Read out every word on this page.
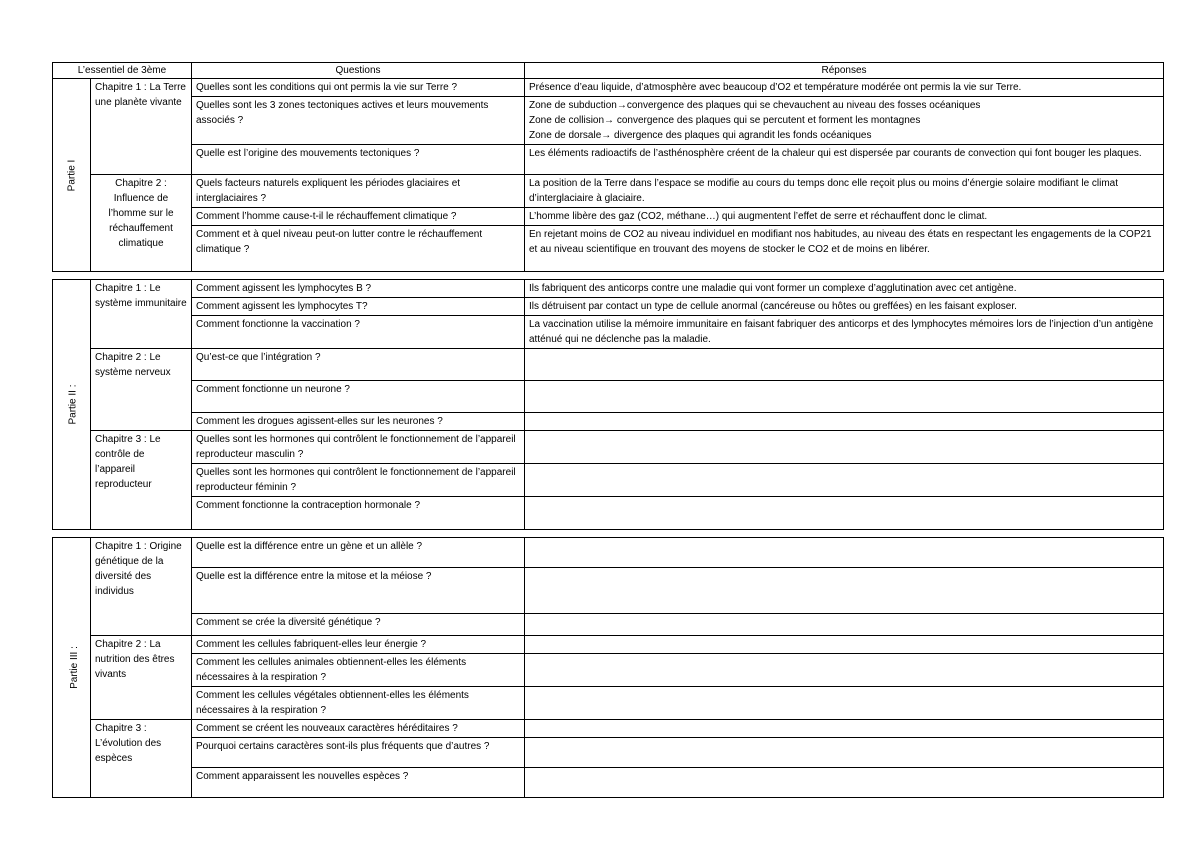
L’essentiel de 3ème		Questions	Réponses
Partie I	Chapitre 1 : La Terre une planète vivante	Quelles sont les conditions qui ont permis la vie sur Terre ?	Présence d’eau liquide, d’atmosphère avec beaucoup d’O2 et température modérée ont permis la vie sur Terre.
		Quelles sont les 3 zones tectoniques actives et leurs mouvements associés ?	Zone de subduction→convergence des plaques qui se chevauchent au niveau des fosses océaniques
Zone de collision→ convergence des plaques qui se percutent et forment les montagnes
Zone de dorsale→ divergence des plaques qui agrandit les fonds océaniques
		Quelle est l’origine des mouvements tectoniques ?	Les éléments radioactifs de l’asthénosphère créent de la chaleur qui est dispersée par courants de convection qui font bouger les plaques.
	Chapitre 2 : Influence de l’homme sur le réchauffement climatique	Quels facteurs naturels expliquent les périodes glaciaires et interglaciaires ?	La position de la Terre dans l’espace se modifie au cours du temps donc elle reçoit plus ou moins d’énergie solaire modifiant le climat d’interglaciaire à glaciaire.
		Comment l’homme cause-t-il le réchauffement climatique ?	L’homme libère des gaz (CO2, méthane…) qui augmentent l’effet de serre et réchauffent donc le climat.
		Comment et à quel niveau peut-on lutter contre le réchauffement climatique ?	En rejetant moins de CO2 au niveau individuel en modifiant nos habitudes, au niveau des états en respectant les engagements de la COP21 et au niveau scientifique en trouvant des moyens de stocker le CO2 et de moins en libérer.

Partie II :	Chapitre 1 : Le système immunitaire	Comment agissent les lymphocytes B ?	Ils fabriquent des anticorps contre une maladie qui vont former un complexe d’agglutination avec cet antigène.
		Comment agissent les lymphocytes T?	Ils détruisent par contact un type de cellule anormal (cancéreuse ou hôtes ou greffées) en les faisant exploser.
		Comment fonctionne la vaccination ?	La vaccination utilise la mémoire immunitaire en faisant fabriquer des anticorps et des lymphocytes mémoires lors de l’injection d’un antigène atténué qui ne déclenche pas la maladie.
	Chapitre 2 : Le système nerveux	Qu’est-ce que l’intégration ?	
		Comment fonctionne un neurone ?	
		Comment les drogues agissent-elles sur les neurones ?	
	Chapitre 3 : Le contrôle de l’appareil reproducteur	Quelles sont les hormones qui contrôlent le fonctionnement de l’appareil reproducteur masculin ?	
		Quelles sont les hormones qui contrôlent le fonctionnement de l’appareil reproducteur féminin ?	
		Comment fonctionne la contraception hormonale ?	

Partie III :	Chapitre 1 : Origine génétique de la diversité des individus	Quelle est la différence entre un gène et un allèle ?	
		Quelle est la différence entre la mitose et la méiose ?	
		Comment se crée la diversité génétique ?	
	Chapitre 2 : La nutrition des êtres vivants	Comment les cellules fabriquent-elles leur énergie ?	
		Comment les cellules animales obtiennent-elles les éléments nécessaires à la respiration ?	
		Comment les cellules végétales obtiennent-elles les éléments nécessaires à la respiration ?	
	Chapitre 3 : L’évolution des espèces	Comment se créent les nouveaux caractères héréditaires ?	
		Pourquoi certains caractères sont-ils plus fréquents que d’autres ?	
		Comment apparaissent les nouvelles espèces ?	
